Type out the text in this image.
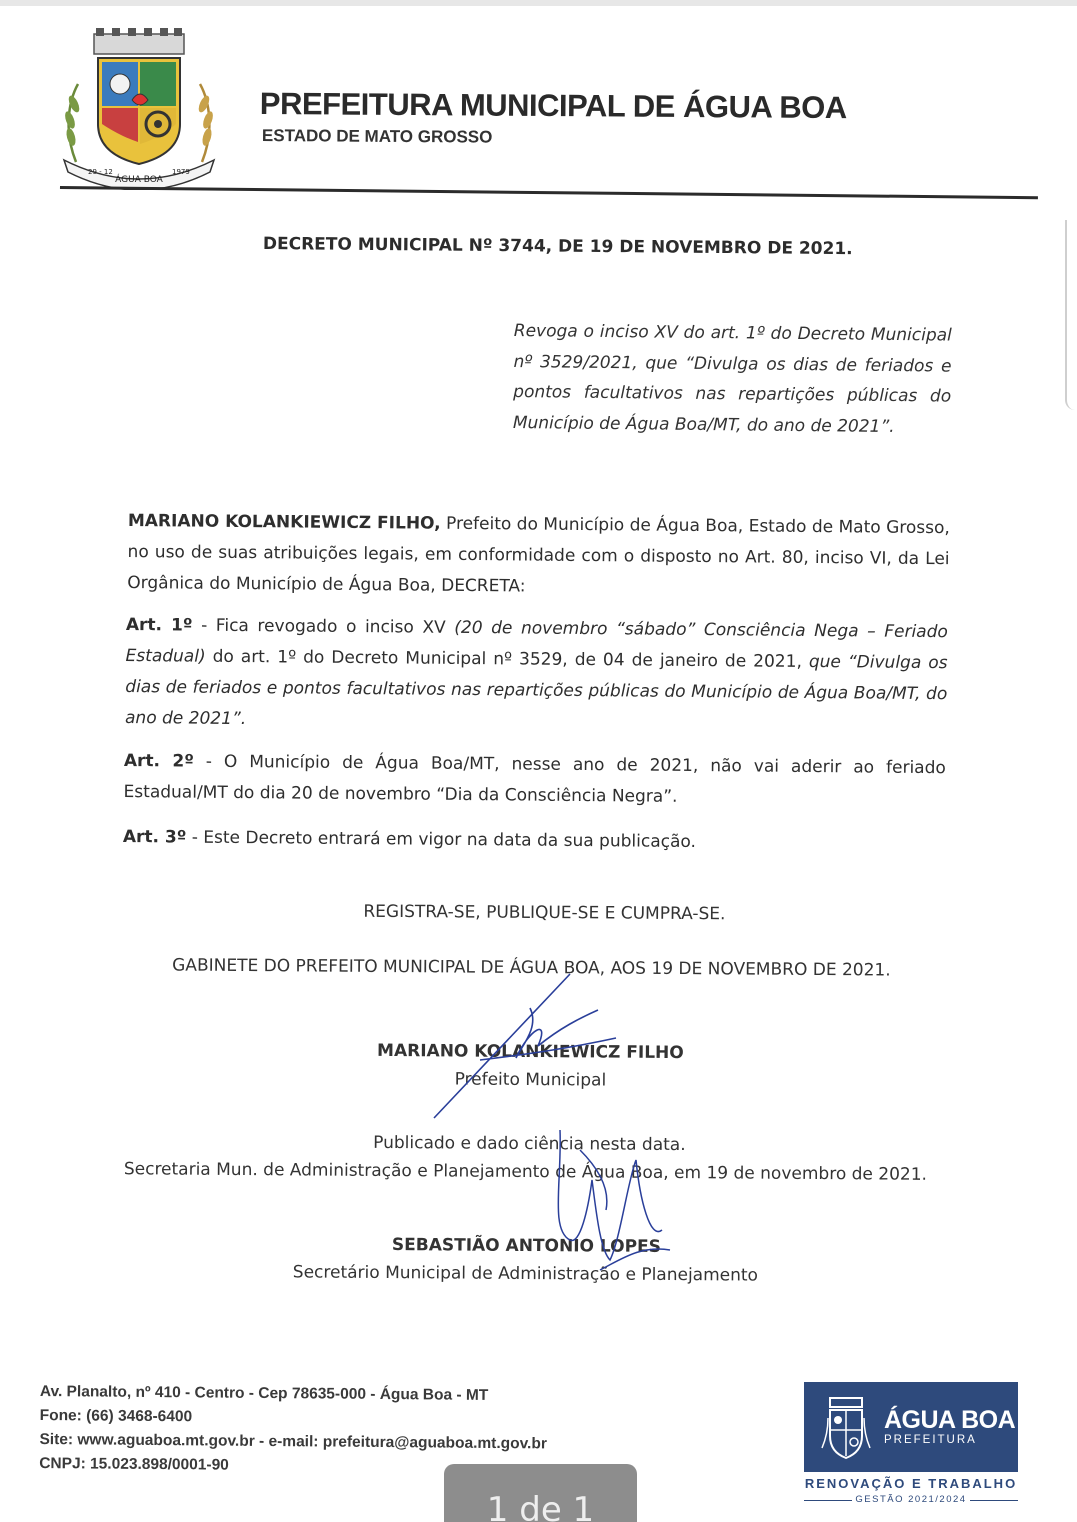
ÁGUA BOA
29 - 12	1979
PREFEITURA MUNICIPAL DE ÁGUA BOA
ESTADO DE MATO GROSSO
DECRETO MUNICIPAL Nº 3744, DE 19 DE NOVEMBRO DE 2021.
Revoga o inciso XV do art. 1º do Decreto Municipal nº 3529/2021, que “Divulga os dias de feriados e pontos facultativos nas repartições públicas do Município de Água Boa/MT, do ano de 2021”.
MARIANO KOLANKIEWICZ FILHO, Prefeito do Município de Água Boa, Estado de Mato Grosso, no uso de suas atribuições legais, em conformidade com o disposto no Art. 80, inciso VI, da Lei Orgânica do Município de Água Boa, DECRETA:
Art. 1º - Fica revogado o inciso XV (20 de novembro “sábado” Consciência Nega – Feriado Estadual) do art. 1º do Decreto Municipal nº 3529, de 04 de janeiro de 2021, que “Divulga os dias de feriados e pontos facultativos nas repartições públicas do Município de Água Boa/MT, do ano de 2021”.
Art. 2º - O Município de Água Boa/MT, nesse ano de 2021, não vai aderir ao feriado Estadual/MT do dia 20 de novembro “Dia da Consciência Negra”.
Art. 3º - Este Decreto entrará em vigor na data da sua publicação.
REGISTRA-SE, PUBLIQUE-SE E CUMPRA-SE.
GABINETE DO PREFEITO MUNICIPAL DE ÁGUA BOA, AOS 19 DE NOVEMBRO DE 2021.
MARIANO KOLANKIEWICZ FILHO
Prefeito Municipal
Publicado e dado ciência nesta data.
Secretaria Mun. de Administração e Planejamento de Água Boa, em 19 de novembro de 2021.
SEBASTIÃO ANTONIO LOPES
Secretário Municipal de Administração e Planejamento
Av. Planalto, nº 410 - Centro - Cep 78635-000 - Água Boa - MT
Fone: (66) 3468-6400
Site: www.aguaboa.mt.gov.br - e-mail: prefeitura@aguaboa.mt.gov.br
CNPJ: 15.023.898/0001-90
ÁGUA BOA
PREFEITURA
RENOVAÇÃO E TRABALHO
GESTÃO 2021/2024
1 de 1
